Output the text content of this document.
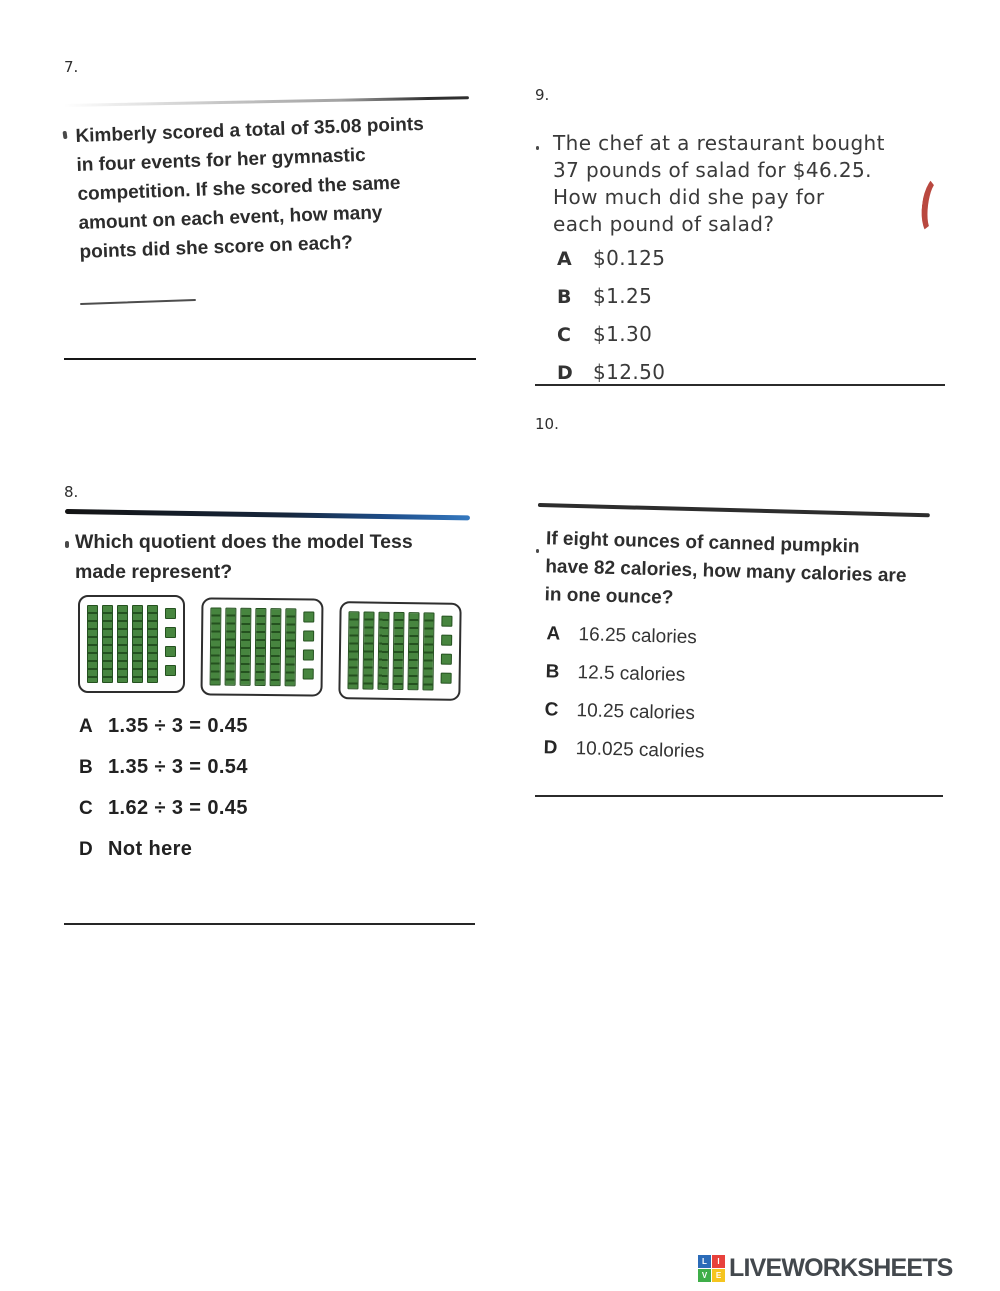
7.
Kimberly scored a total of 35.08 points
in four events for her gymnastic
competition. If she scored the same
amount on each event, how many
points did she score on each?
9.
The chef at a restaurant bought
37 pounds of salad for $46.25.
How much did she pay for
each pound of salad?
A $0.125
B $1.25
C $1.30
D $12.50
10.
If eight ounces of canned pumpkin
have 82 calories, how many calories are
in one ounce?
A 16.25 calories
B 12.5 calories
C 10.25 calories
D 10.025 calories
8.
Which quotient does the model Tess
made represent?
A 1.35 ÷ 3 = 0.45
B 1.35 ÷ 3 = 0.54
C 1.62 ÷ 3 = 0.45
D Not here
L	I
V	E LIVEWORKSHEETS
